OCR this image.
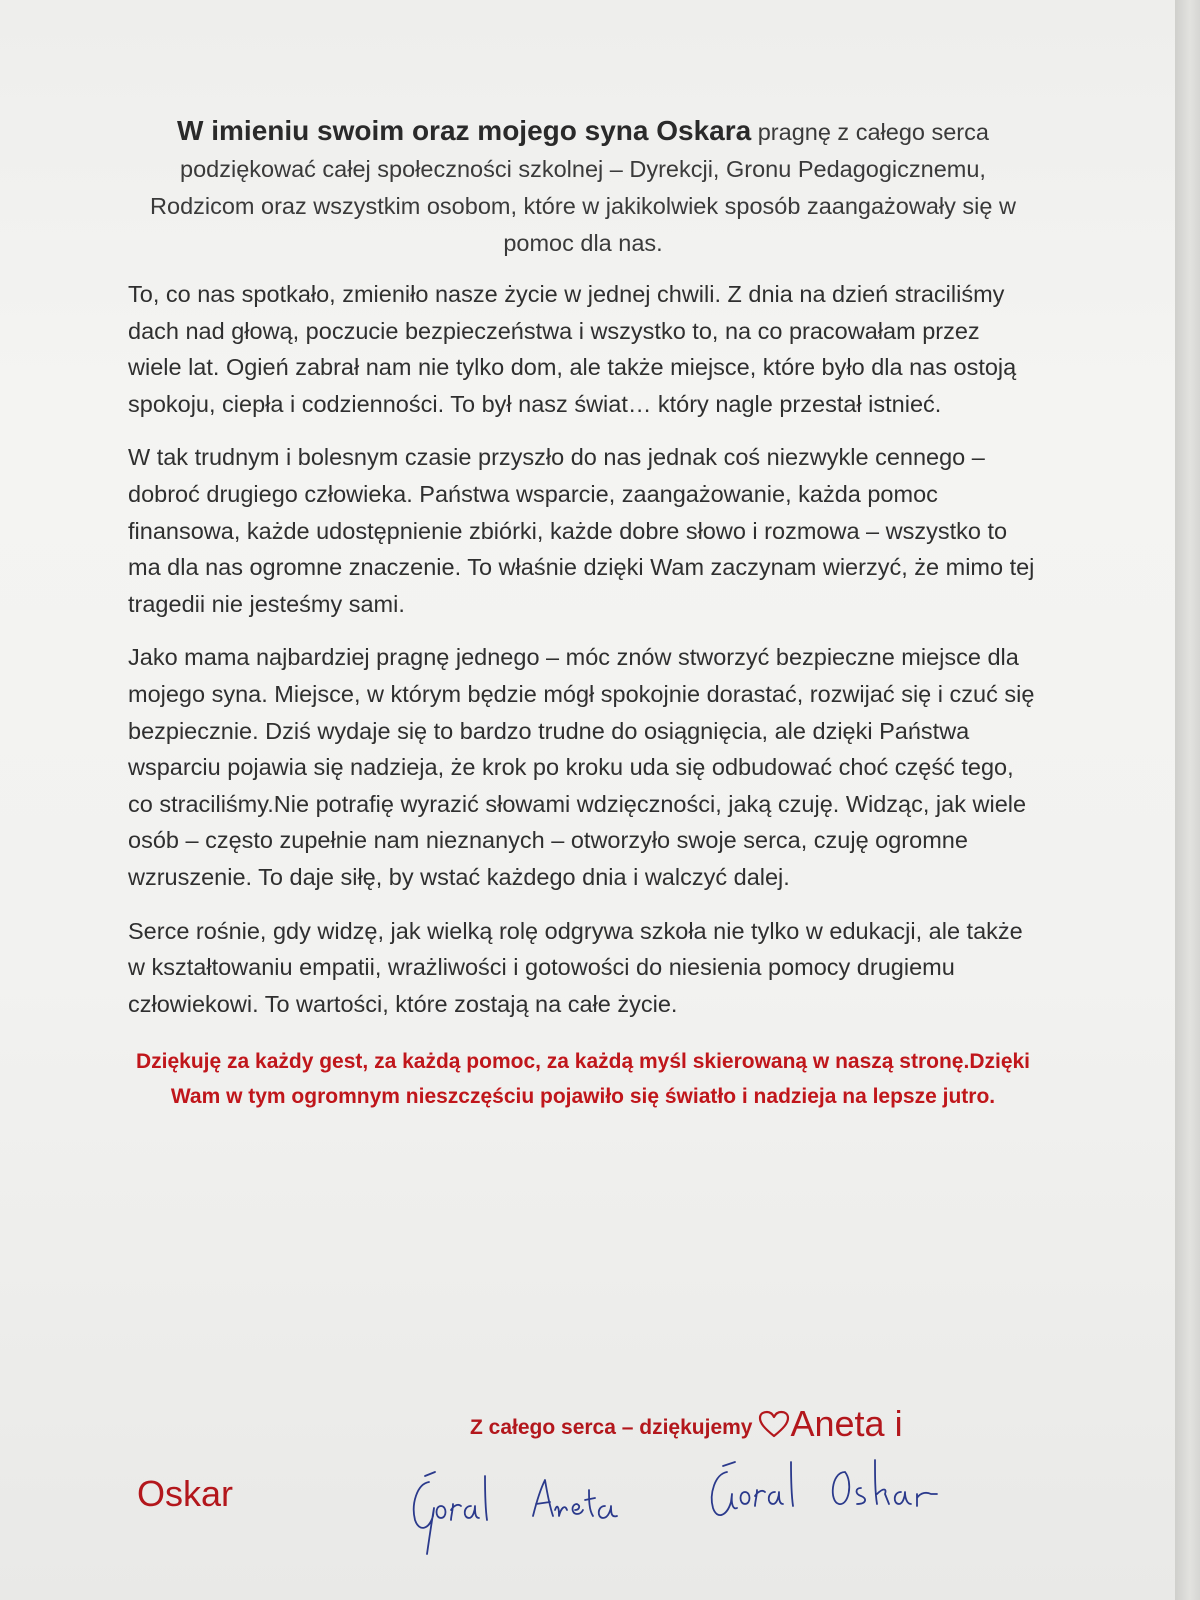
W imieniu swoim oraz mojego syna Oskara pragnę z całego serca podziękować całej społeczności szkolnej – Dyrekcji, Gronu Pedagogicznemu, Rodzicom oraz wszystkim osobom, które w jakikolwiek sposób zaangażowały się w pomoc dla nas.

To, co nas spotkało, zmieniło nasze życie w jednej chwili. Z dnia na dzień straciliśmy dach nad głową, poczucie bezpieczeństwa i wszystko to, na co pracowałam przez wiele lat. Ogień zabrał nam nie tylko dom, ale także miejsce, które było dla nas ostoją spokoju, ciepła i codzienności. To był nasz świat… który nagle przestał istnieć.

W tak trudnym i bolesnym czasie przyszło do nas jednak coś niezwykle cennego – dobroć drugiego człowieka. Państwa wsparcie, zaangażowanie, każda pomoc finansowa, każde udostępnienie zbiórki, każde dobre słowo i rozmowa – wszystko to ma dla nas ogromne znaczenie. To właśnie dzięki Wam zaczynam wierzyć, że mimo tej tragedii nie jesteśmy sami.

Jako mama najbardziej pragnę jednego – móc znów stworzyć bezpieczne miejsce dla mojego syna. Miejsce, w którym będzie mógł spokojnie dorastać, rozwijać się i czuć się bezpiecznie. Dziś wydaje się to bardzo trudne do osiągnięcia, ale dzięki Państwa wsparciu pojawia się nadzieja, że krok po kroku uda się odbudować choć część tego, co straciliśmy.Nie potrafię wyrazić słowami wdzięczności, jaką czuję. Widząc, jak wiele osób – często zupełnie nam nieznanych – otworzyło swoje serca, czuję ogromne wzruszenie. To daje siłę, by wstać każdego dnia i walczyć dalej.

Serce rośnie, gdy widzę, jak wielką rolę odgrywa szkoła nie tylko w edukacji, ale także w kształtowaniu empatii, wrażliwości i gotowości do niesienia pomocy drugiemu człowiekowi. To wartości, które zostają na całe życie.

Dziękuję za każdy gest, za każdą pomoc, za każdą myśl skierowaną w naszą stronę.Dzięki Wam w tym ogromnym nieszczęściu pojawiło się światło i nadzieja na lepsze jutro.

Z całego serca – dziękujemy Aneta i
Oskar
